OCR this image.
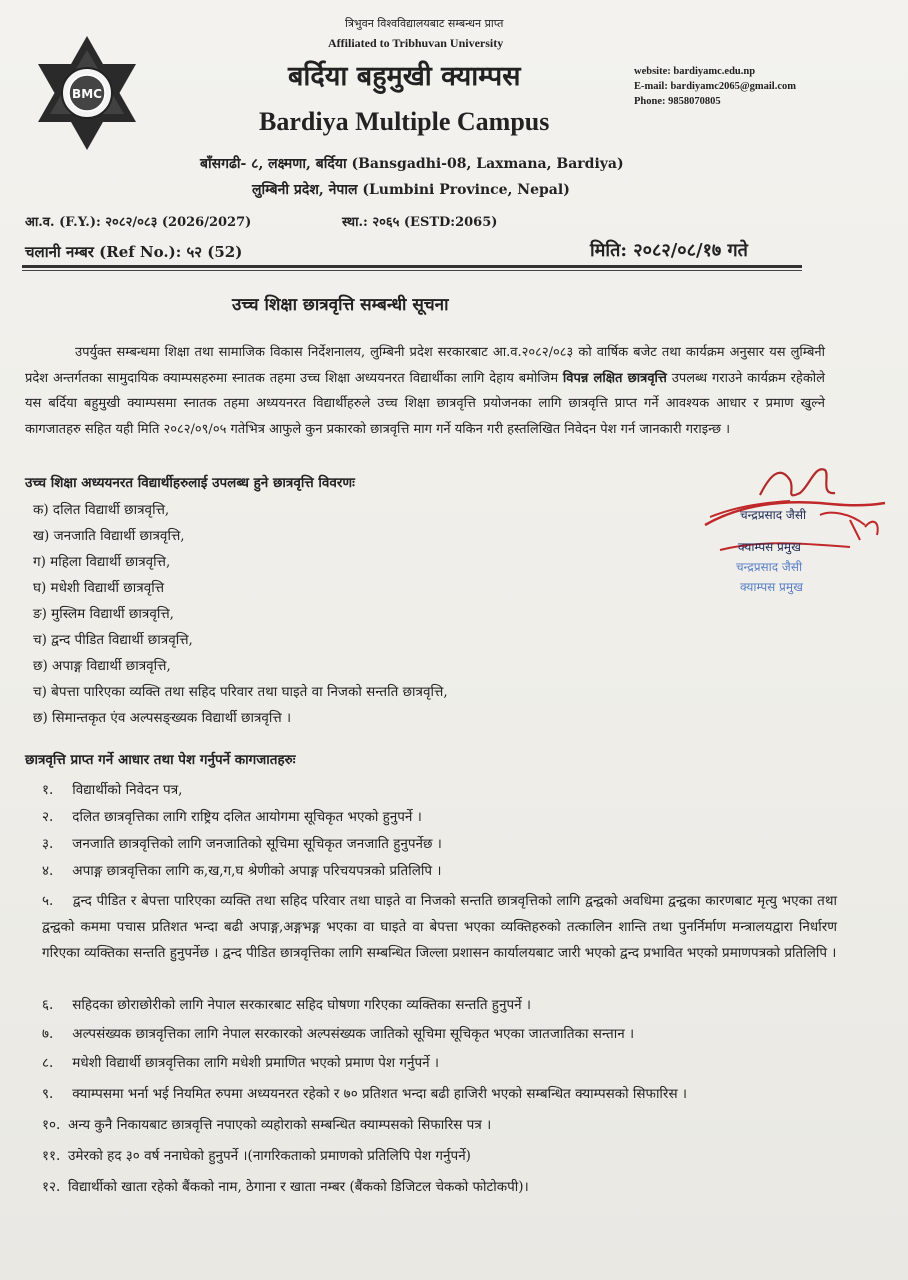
BMC
त्रिभुवन विश्वविद्यालयबाट सम्बन्धन प्राप्त
Affiliated to Tribhuvan University
बर्दिया बहुमुखी क्याम्पस
Bardiya Multiple Campus
बाँसगढी- ८, लक्ष्मणा, बर्दिया (Bansgadhi-08, Laxmana, Bardiya)
लुम्बिनी प्रदेश, नेपाल (Lumbini Province, Nepal)
website: bardiyamc.edu.np
E-mail: bardiyamc2065@gmail.com
Phone: 9858070805
आ.व. (F.Y.): २०८२/०८३ (2026/2027)	स्था.: २०६५ (ESTD:2065)
चलानी नम्बर (Ref No.): ५२ (52)	मिति: २०८२/०८/१७ गते
उच्च शिक्षा छात्रवृत्ति सम्बन्धी सूचना
उपर्युक्त सम्बन्धमा शिक्षा तथा सामाजिक विकास निर्देशनालय, लुम्बिनी प्रदेश सरकारबाट आ.व.२०८२/०८३ को वार्षिक बजेट तथा कार्यक्रम अनुसार यस लुम्बिनी प्रदेश अन्तर्गतका सामुदायिक क्याम्पसहरुमा स्नातक तहमा उच्च शिक्षा अध्ययनरत विद्यार्थीका लागि देहाय बमोजिम विपन्न लक्षित छात्रवृत्ति उपलब्ध गराउने कार्यक्रम रहेकोले यस बर्दिया बहुमुखी क्याम्पसमा स्नातक तहमा अध्ययनरत विद्यार्थीहरुले उच्च शिक्षा छात्रवृत्ति प्रयोजनका लागि छात्रवृत्ति प्राप्त गर्ने आवश्यक आधार र प्रमाण खुल्ने कागजातहरु सहित यही मिति २०८२/०९/०५ गतेभित्र आफुले कुन प्रकारको छात्रवृत्ति माग गर्ने यकिन गरी हस्तलिखित निवेदन पेश गर्न जानकारी गराइन्छ ।
उच्च शिक्षा अध्ययनरत विद्यार्थीहरुलाई उपलब्ध हुने छात्रवृत्ति विवरणः
क) दलित विद्यार्थी छात्रवृत्ति,
ख) जनजाति विद्यार्थी छात्रवृत्ति,
ग) महिला विद्यार्थी छात्रवृत्ति,
घ) मधेशी विद्यार्थी छात्रवृत्ति
ङ) मुस्लिम विद्यार्थी छात्रवृत्ति,
च) द्वन्द पीडित विद्यार्थी छात्रवृत्ति,
छ) अपाङ्ग विद्यार्थी छात्रवृत्ति,
च) बेपत्ता पारिएका व्यक्ति तथा सहिद परिवार तथा घाइते वा निजको सन्तति छात्रवृत्ति,
छ) सिमान्तकृत एंव अल्पसङ्ख्यक विद्यार्थी छात्रवृत्ति ।
चन्द्रप्रसाद जैसी
क्याम्पस प्रमुख
चन्द्रप्रसाद जैसी
क्याम्पस प्रमुख
छात्रवृत्ति प्राप्त गर्ने आधार तथा पेश गर्नुपर्ने कागजातहरुः
१. विद्यार्थीको निवेदन पत्र,
२. दलित छात्रवृत्तिका लागि राष्ट्रिय दलित आयोगमा सूचिकृत भएको हुनुपर्ने ।
३. जनजाति छात्रवृत्तिको लागि जनजातिको सूचिमा सूचिकृत जनजाति हुनुपर्नेछ ।
४. अपाङ्ग छात्रवृत्तिका लागि क,ख,ग,घ श्रेणीको अपाङ्ग परिचयपत्रको प्रतिलिपि ।
५. द्वन्द पीडित र बेपत्ता पारिएका व्यक्ति तथा सहिद परिवार तथा घाइते वा निजको सन्तति छात्रवृत्तिको लागि द्वन्द्वको अवधिमा द्वन्द्वका कारणबाट मृत्यु भएका तथा द्वन्द्वको कममा पचास प्रतिशत भन्दा बढी अपाङ्ग,अङ्गभङ्ग भएका वा घाइते वा बेपत्ता भएका व्यक्तिहरुको तत्कालिन शान्ति तथा पुनर्निर्माण मन्त्रालयद्वारा निर्धारण गरिएका व्यक्तिका सन्तति हुनुपर्नेछ । द्वन्द पीडित छात्रवृत्तिका लागि सम्बन्धित जिल्ला प्रशासन कार्यालयबाट जारी भएको द्वन्द प्रभावित भएको प्रमाणपत्रको प्रतिलिपि ।
६. सहिदका छोराछोरीको लागि नेपाल सरकारबाट सहिद घोषणा गरिएका व्यक्तिका सन्तति हुनुपर्ने ।
७. अल्पसंख्यक छात्रवृत्तिका लागि नेपाल सरकारको अल्पसंख्यक जातिको सूचिमा सूचिकृत भएका जातजातिका सन्तान ।
८. मधेशी विद्यार्थी छात्रवृत्तिका लागि मधेशी प्रमाणित भएको प्रमाण पेश गर्नुपर्ने ।
९. क्याम्पसमा भर्ना भई नियमित रुपमा अध्ययनरत रहेको र ७० प्रतिशत भन्दा बढी हाजिरी भएको सम्बन्धित क्याम्पसको सिफारिस ।
१०. अन्य कुनै निकायबाट छात्रवृत्ति नपाएको व्यहोराको सम्बन्धित क्याम्पसको सिफारिस पत्र ।
११. उमेरको हद ३० वर्ष ननाघेको हुनुपर्ने ।(नागरिकताको प्रमाणको प्रतिलिपि पेश गर्नुपर्ने)
१२. विद्यार्थीको खाता रहेको बैंकको नाम, ठेगाना र खाता नम्बर (बैंकको डिजिटल चेकको फोटोकपी)।
